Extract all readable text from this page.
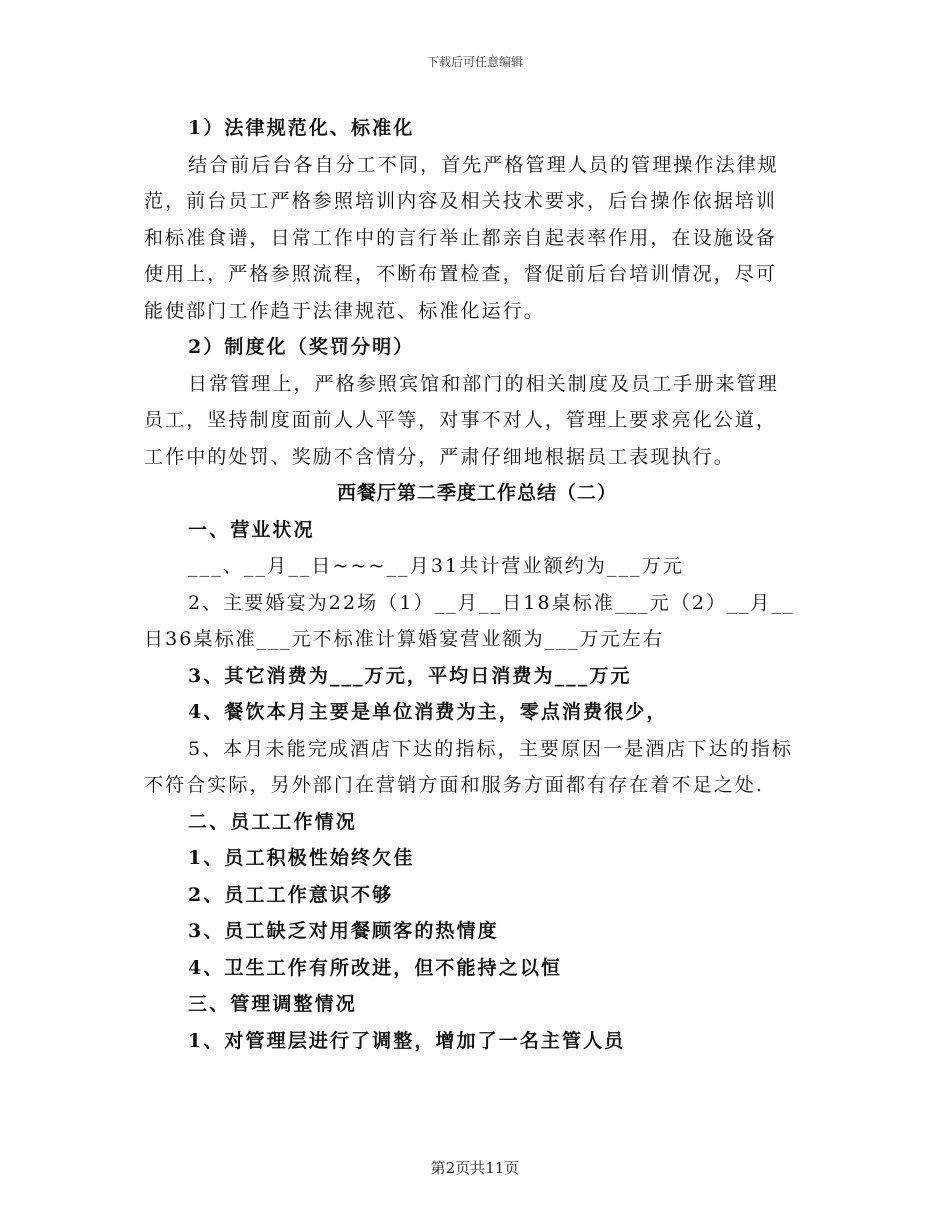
下载后可任意编辑
1）法律规范化、标准化
结合前后台各自分工不同，首先严格管理人员的管理操作法律规
范，前台员工严格参照培训内容及相关技术要求，后台操作依据培训
和标准食谱，日常工作中的言行举止都亲自起表率作用，在设施设备
使用上，严格参照流程，不断布置检查，督促前后台培训情况，尽可
能使部门工作趋于法律规范、标准化运行。
2）制度化（奖罚分明）
日常管理上，严格参照宾馆和部门的相关制度及员工手册来管理
员工，坚持制度面前人人平等，对事不对人，管理上要求亮化公道，
工作中的处罚、奖励不含情分，严肃仔细地根据员工表现执行。
西餐厅第二季度工作总结（二）
一、营业状况
___、__月__日~~~__月31共计营业额约为___万元
2、主要婚宴为22场（1）__月__日18桌标准___元（2）__月__
日36桌标准___元不标准计算婚宴营业额为___万元左右
3、其它消费为___万元，平均日消费为___万元
4、餐饮本月主要是单位消费为主，零点消费很少，
5、本月未能完成酒店下达的指标，主要原因一是酒店下达的指标
不符合实际，另外部门在营销方面和服务方面都有存在着不足之处.
二、员工工作情况
1、员工积极性始终欠佳
2、员工工作意识不够
3、员工缺乏对用餐顾客的热情度
4、卫生工作有所改进，但不能持之以恒
三、管理调整情况
1、对管理层进行了调整，增加了一名主管人员
第2页共11页
